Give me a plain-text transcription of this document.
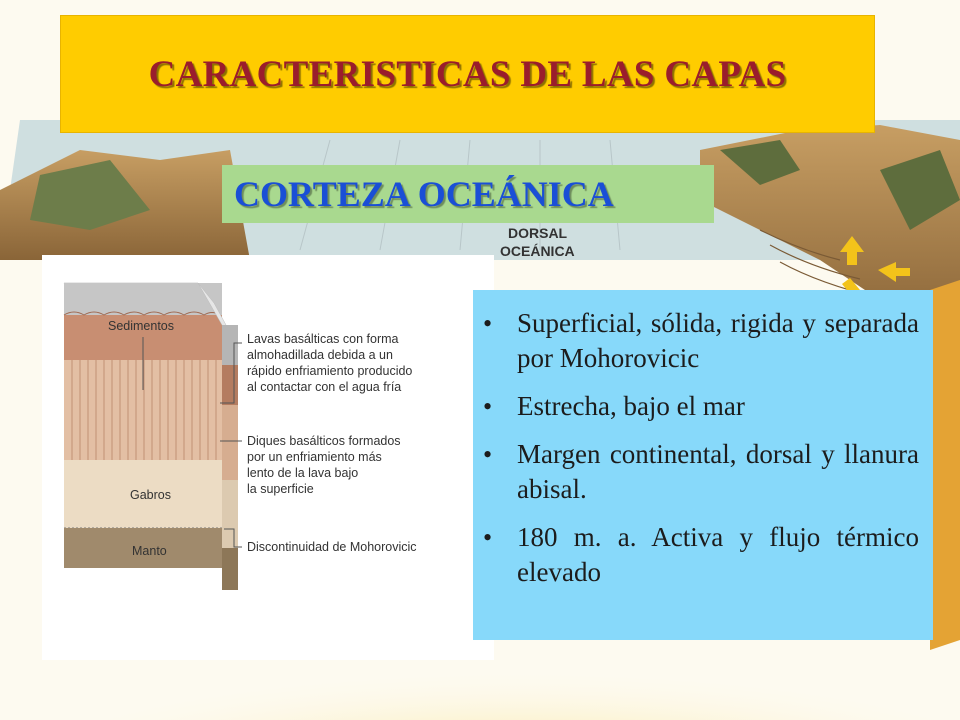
DORSAL
OCEÁNICA
CARACTERISTICAS DE LAS CAPAS
CORTEZA OCEÁNICA
Sedimentos
Gabros
Manto
Lavas basálticas con forma
almohadillada debida a un
rápido enfriamiento producido
al contactar con el agua fría
Diques basálticos formados
por un enfriamiento más
lento de la lava bajo
la superficie
Discontinuidad de Mohorovicic
• Superficial, sólida, rigida y separada por Mohorovicic
• Estrecha, bajo el mar
• Margen continental, dorsal y llanura abisal.
• 180 m. a. Activa y flujo térmico elevado
